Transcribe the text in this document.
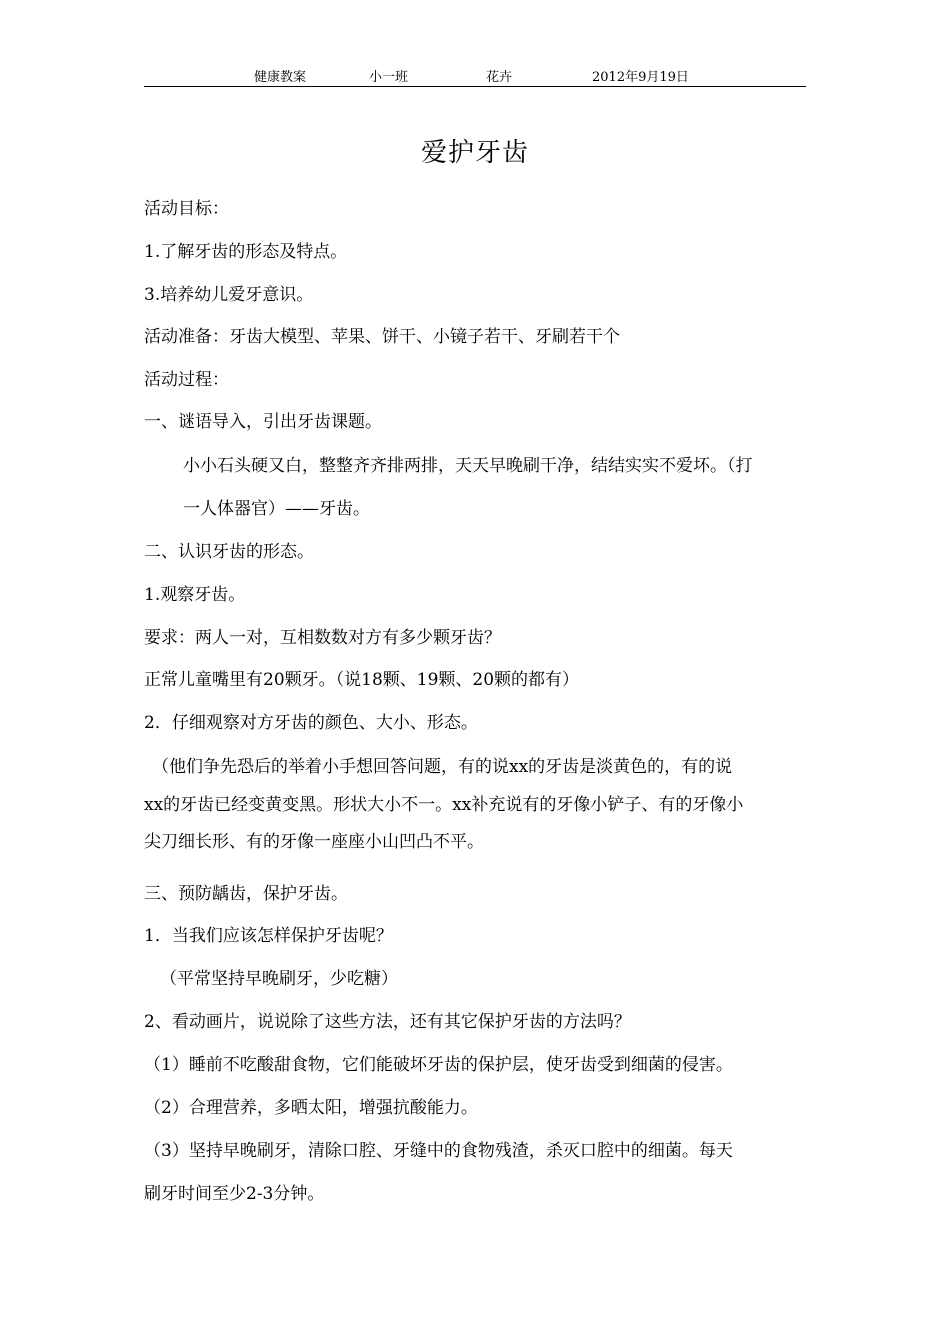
健康教案	小一班	花卉	2012年9月19日
爱护牙齿
活动目标：
1.了解牙齿的形态及特点。
3.培养幼儿爱牙意识。
活动准备：牙齿大模型、苹果、饼干、小镜子若干、牙刷若干个
活动过程：
一、谜语导入，引出牙齿课题。
小小石头硬又白，整整齐齐排两排，天天早晚刷干净，结结实实不爱坏。（打
一人体器官）——牙齿。
二、认识牙齿的形态。
1.观察牙齿。
要求：两人一对，互相数数对方有多少颗牙齿？
正常儿童嘴里有20颗牙。（说18颗、19颗、20颗的都有）
2．仔细观察对方牙齿的颜色、大小、形态。
（他们争先恐后的举着小手想回答问题，有的说xx的牙齿是淡黄色的，有的说
xx的牙齿已经变黄变黑。形状大小不一。xx补充说有的牙像小铲子、有的牙像小
尖刀细长形、有的牙像一座座小山凹凸不平。
三、预防龋齿，保护牙齿。
1．当我们应该怎样保护牙齿呢？
（平常坚持早晚刷牙，少吃糖）
2、看动画片，说说除了这些方法，还有其它保护牙齿的方法吗？
（1）睡前不吃酸甜食物，它们能破坏牙齿的保护层，使牙齿受到细菌的侵害。
（2）合理营养，多晒太阳，增强抗酸能力。
（3）坚持早晚刷牙，清除口腔、牙缝中的食物残渣，杀灭口腔中的细菌。每天
刷牙时间至少2-3分钟。
